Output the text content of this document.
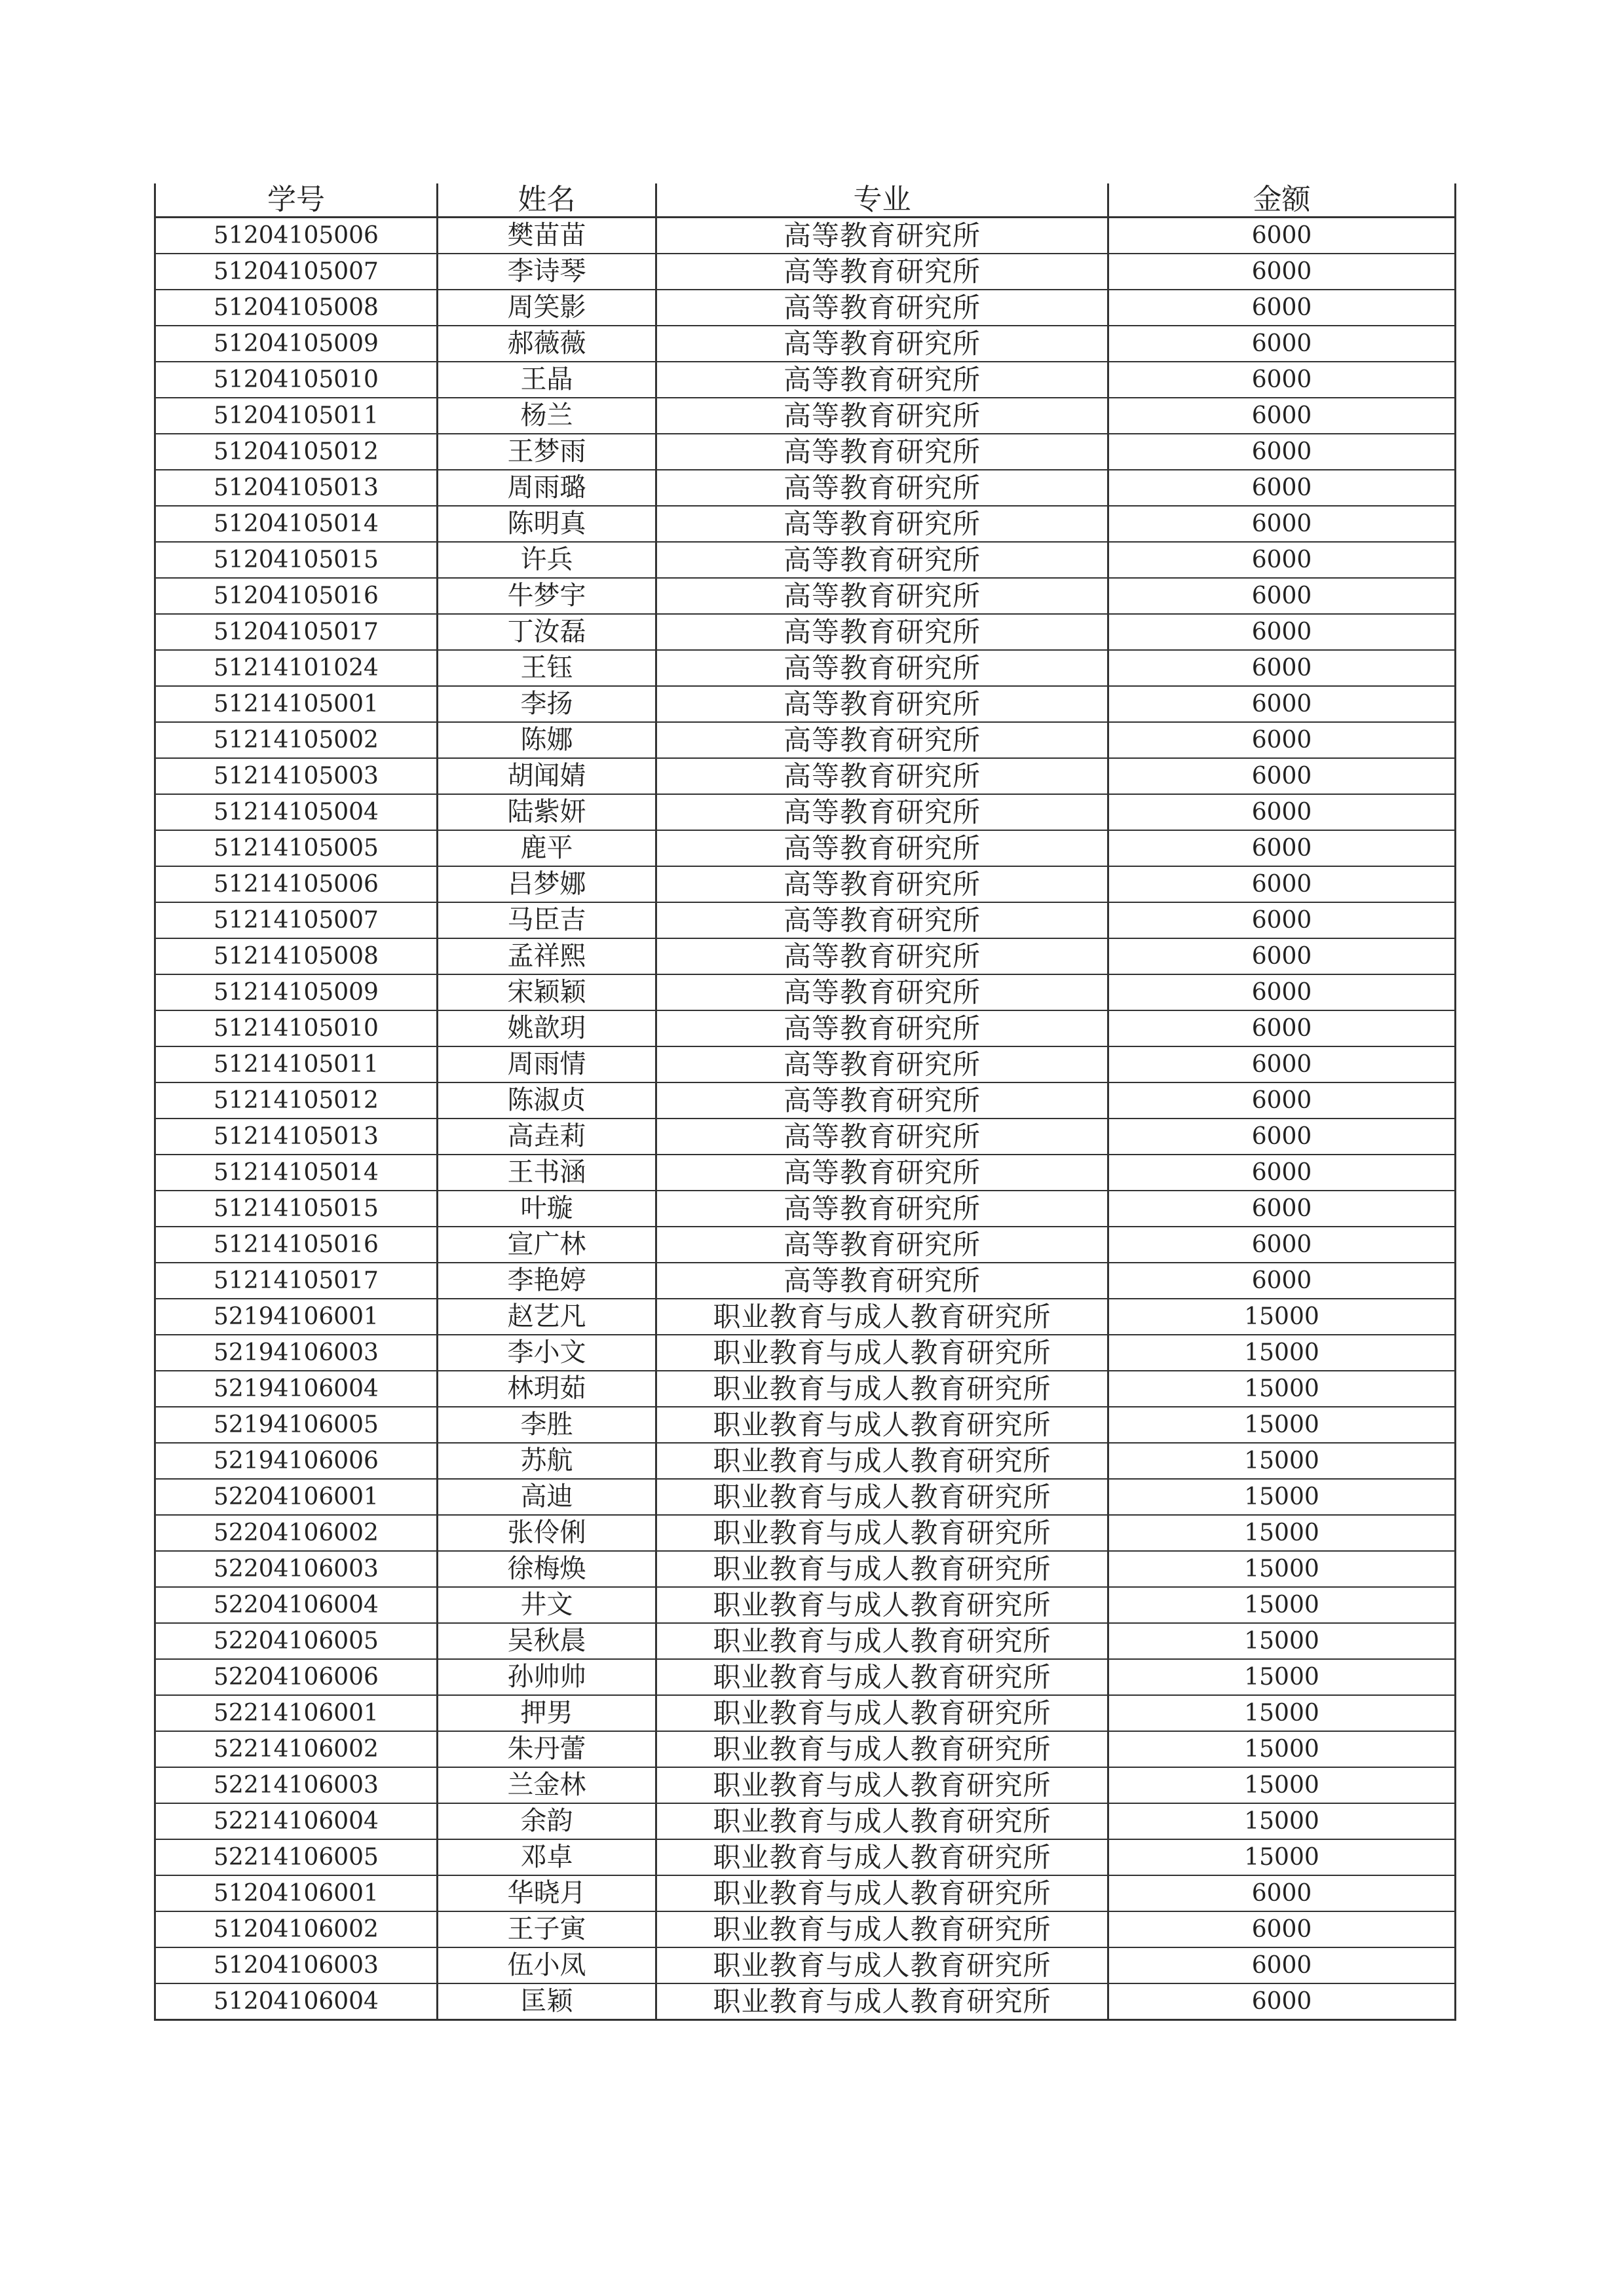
学号	姓名	专业	金额
51204105006	樊苗苗	高等教育研究所	6000
51204105007	李诗琴	高等教育研究所	6000
51204105008	周笑影	高等教育研究所	6000
51204105009	郝薇薇	高等教育研究所	6000
51204105010	王晶	高等教育研究所	6000
51204105011	杨兰	高等教育研究所	6000
51204105012	王梦雨	高等教育研究所	6000
51204105013	周雨璐	高等教育研究所	6000
51204105014	陈明真	高等教育研究所	6000
51204105015	许兵	高等教育研究所	6000
51204105016	牛梦宇	高等教育研究所	6000
51204105017	丁汝磊	高等教育研究所	6000
51214101024	王钰	高等教育研究所	6000
51214105001	李扬	高等教育研究所	6000
51214105002	陈娜	高等教育研究所	6000
51214105003	胡闻婧	高等教育研究所	6000
51214105004	陆紫妍	高等教育研究所	6000
51214105005	鹿平	高等教育研究所	6000
51214105006	吕梦娜	高等教育研究所	6000
51214105007	马臣吉	高等教育研究所	6000
51214105008	孟祥熙	高等教育研究所	6000
51214105009	宋颖颖	高等教育研究所	6000
51214105010	姚歆玥	高等教育研究所	6000
51214105011	周雨情	高等教育研究所	6000
51214105012	陈淑贞	高等教育研究所	6000
51214105013	高垚莉	高等教育研究所	6000
51214105014	王书涵	高等教育研究所	6000
51214105015	叶璇	高等教育研究所	6000
51214105016	宣广林	高等教育研究所	6000
51214105017	李艳婷	高等教育研究所	6000
52194106001	赵艺凡	职业教育与成人教育研究所	15000
52194106003	李小文	职业教育与成人教育研究所	15000
52194106004	林玥茹	职业教育与成人教育研究所	15000
52194106005	李胜	职业教育与成人教育研究所	15000
52194106006	苏航	职业教育与成人教育研究所	15000
52204106001	高迪	职业教育与成人教育研究所	15000
52204106002	张伶俐	职业教育与成人教育研究所	15000
52204106003	徐梅焕	职业教育与成人教育研究所	15000
52204106004	井文	职业教育与成人教育研究所	15000
52204106005	吴秋晨	职业教育与成人教育研究所	15000
52204106006	孙帅帅	职业教育与成人教育研究所	15000
52214106001	押男	职业教育与成人教育研究所	15000
52214106002	朱丹蕾	职业教育与成人教育研究所	15000
52214106003	兰金林	职业教育与成人教育研究所	15000
52214106004	余韵	职业教育与成人教育研究所	15000
52214106005	邓卓	职业教育与成人教育研究所	15000
51204106001	华晓月	职业教育与成人教育研究所	6000
51204106002	王子寅	职业教育与成人教育研究所	6000
51204106003	伍小凤	职业教育与成人教育研究所	6000
51204106004	匡颖	职业教育与成人教育研究所	6000
